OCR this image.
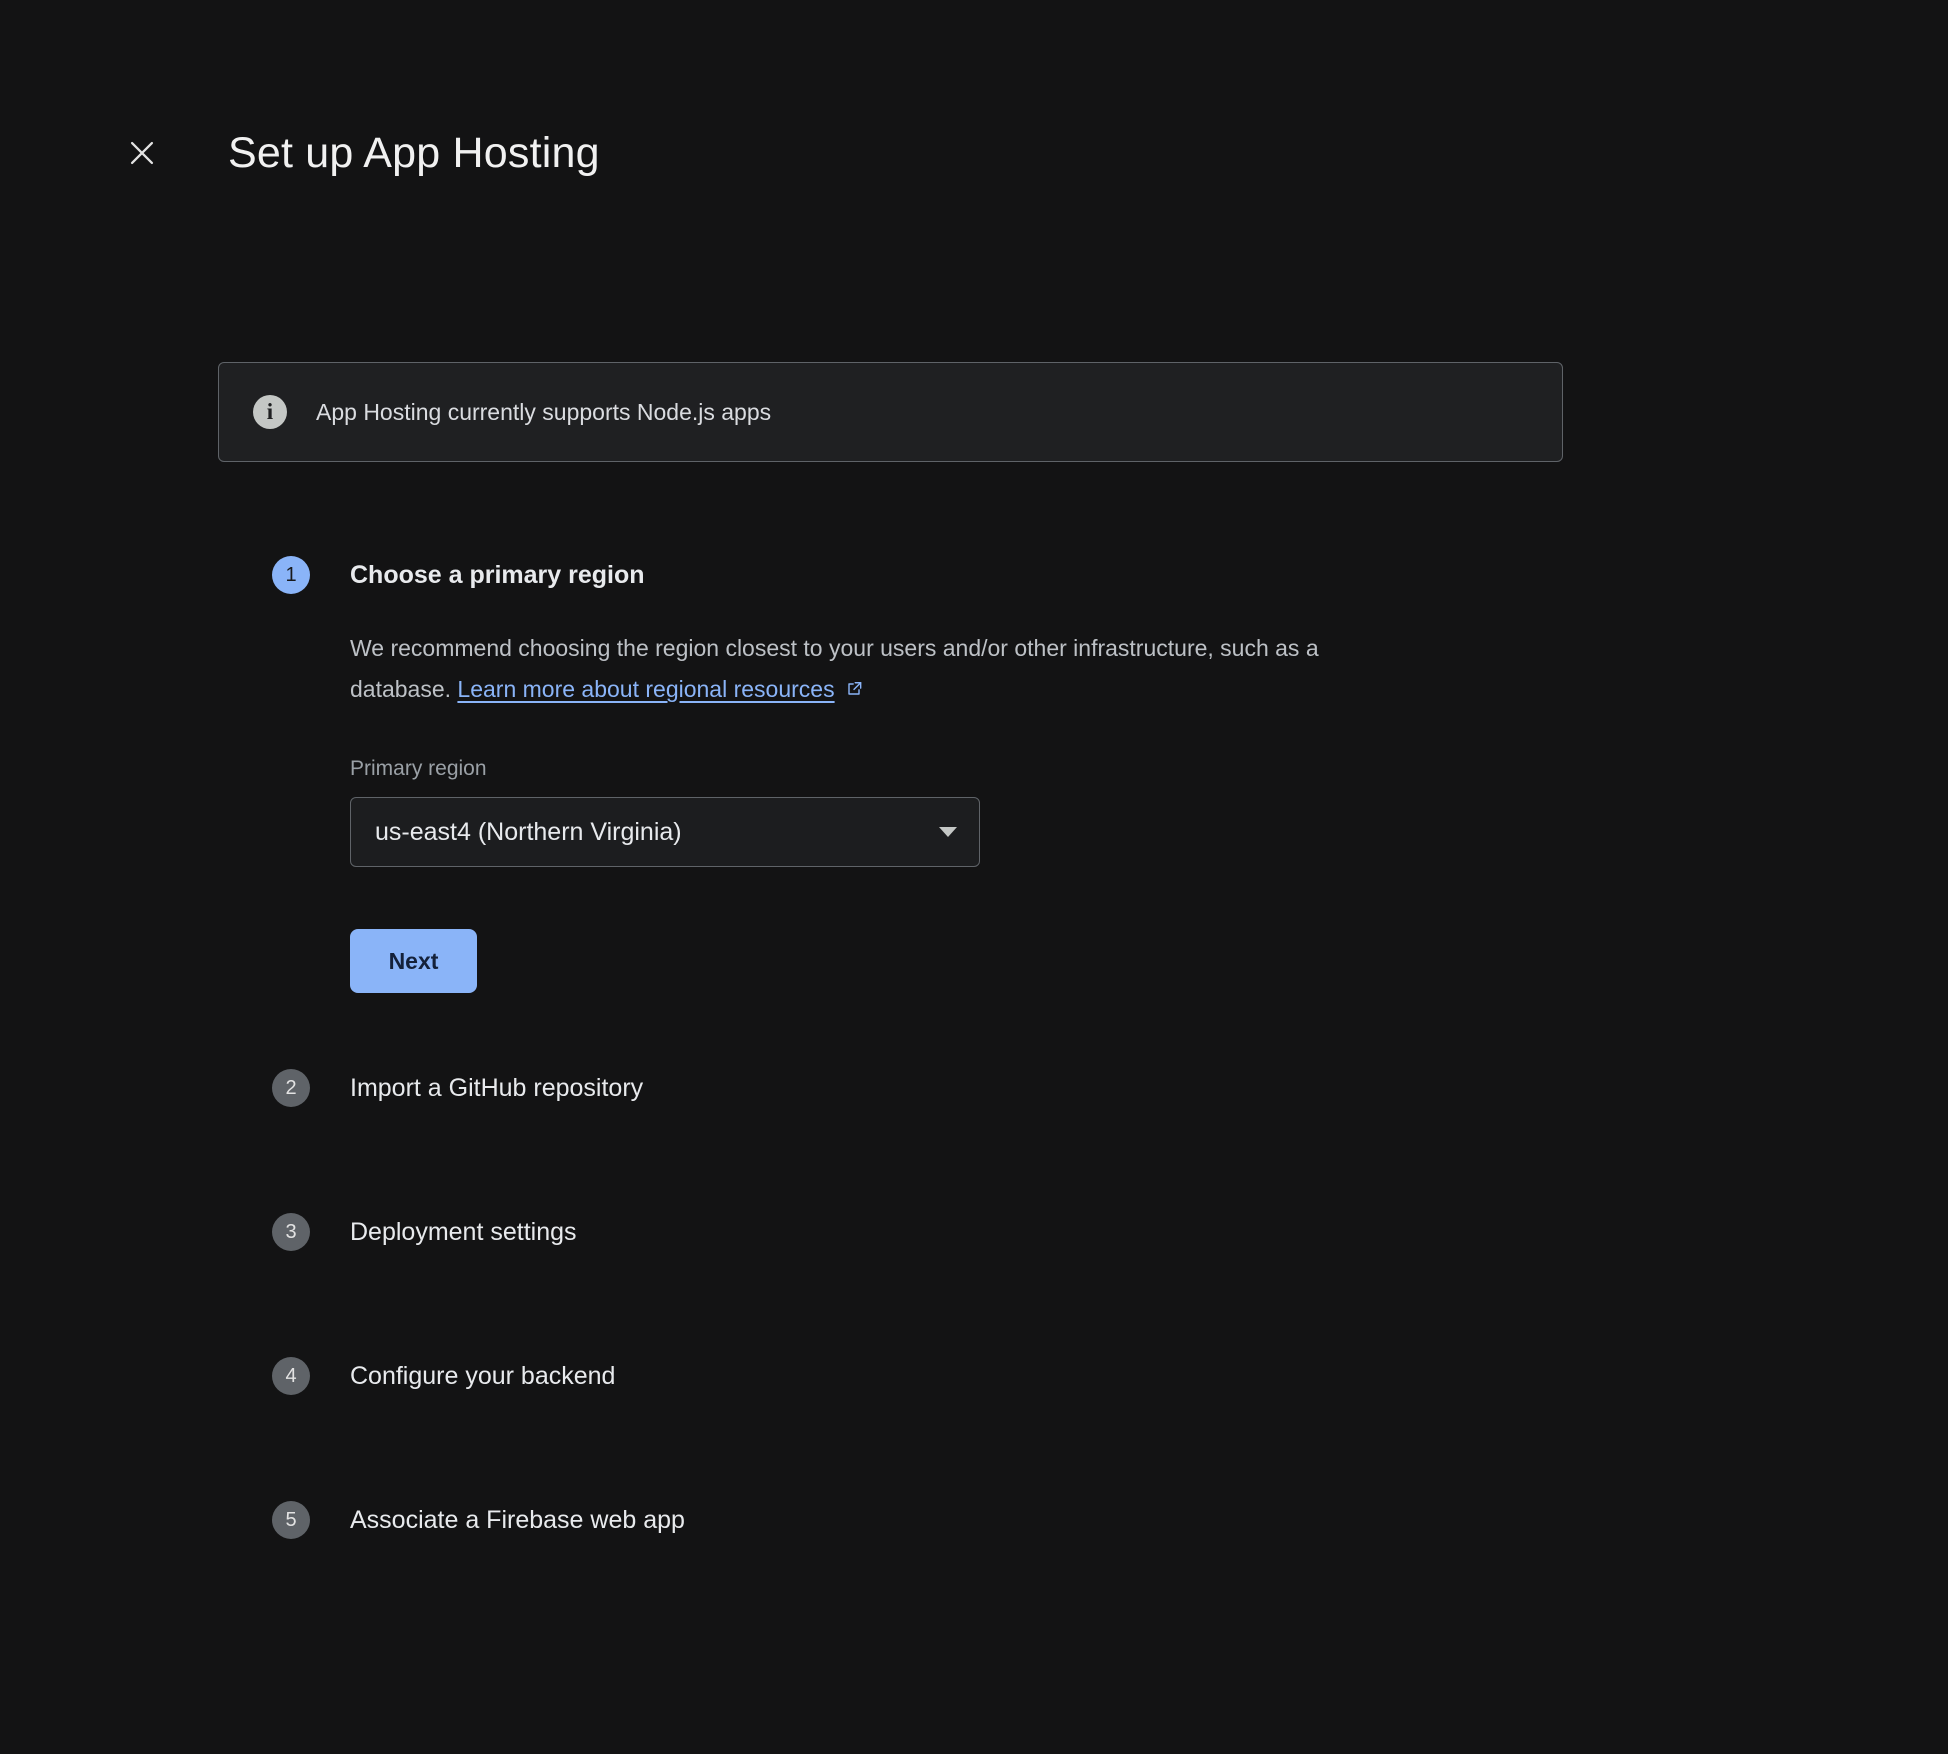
Set up App Hosting
i	App Hosting currently supports Node.js apps
1	Choose a primary region
We recommend choosing the region closest to your users and/or other infrastructure, such as a database. Learn more about regional resources
Primary region
us-east4 (Northern Virginia)
Next
2	Import a GitHub repository
3	Deployment settings
4	Configure your backend
5	Associate a Firebase web app
